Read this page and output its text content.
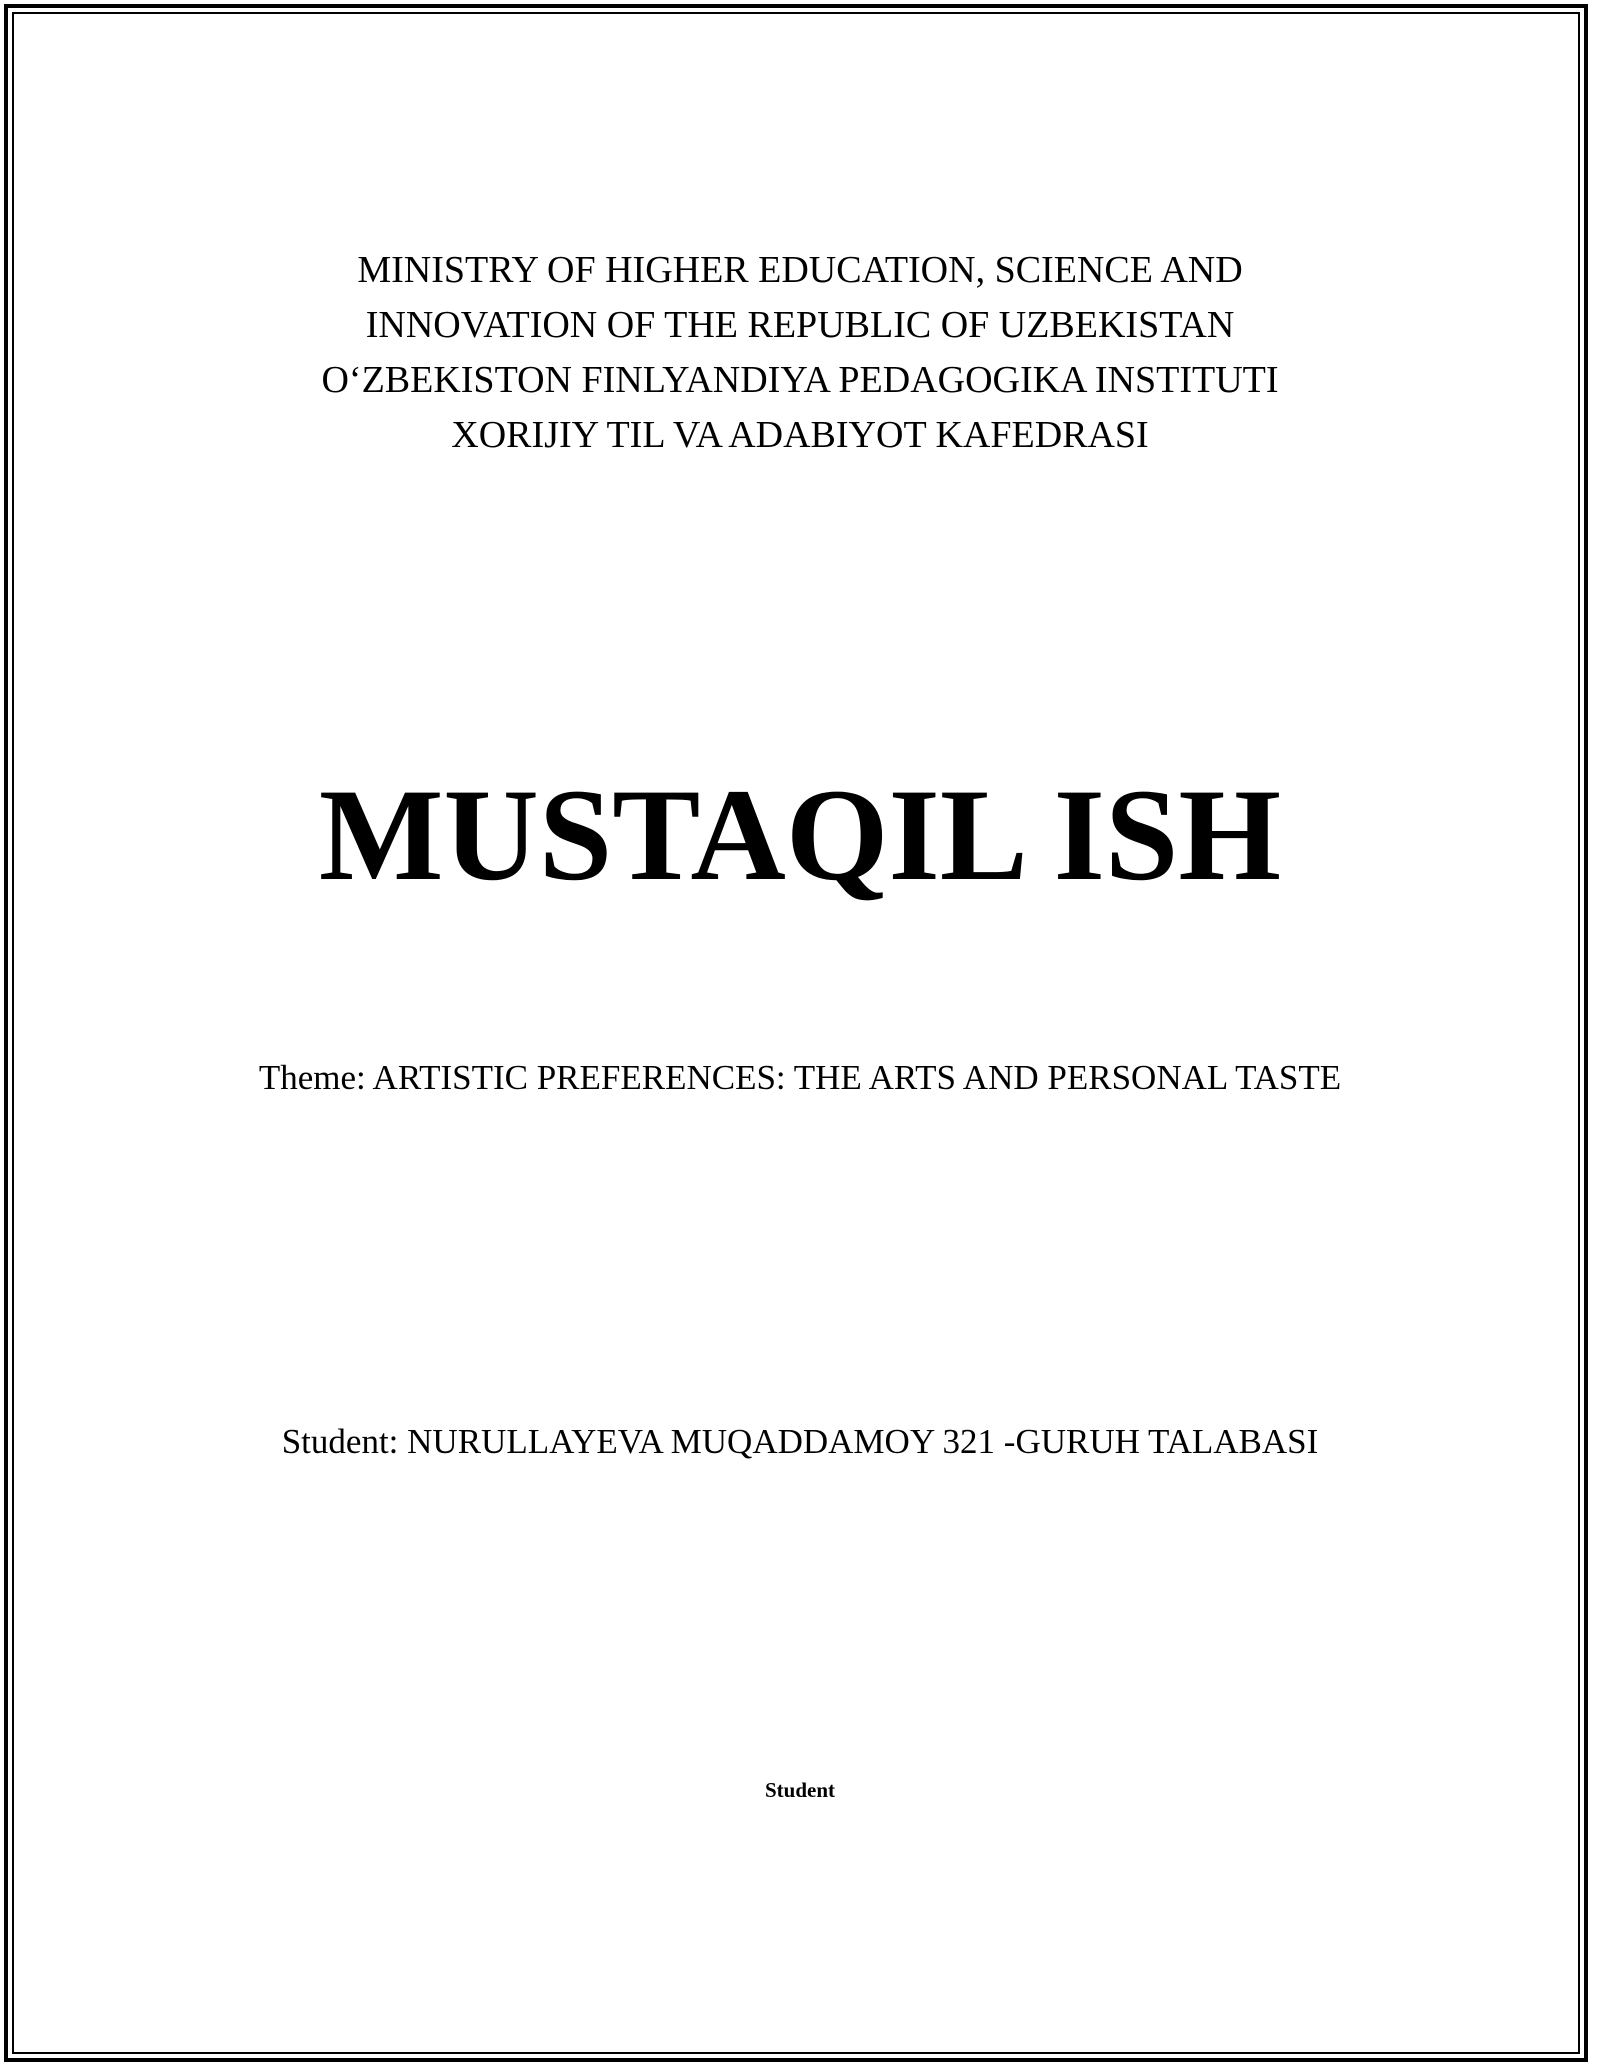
MINISTRY OF HIGHER EDUCATION, SCIENCE AND
INNOVATION OF THE REPUBLIC OF UZBEKISTAN
O‘ZBEKISTON FINLYANDIYA PEDAGOGIKA INSTITUTI
XORIJIY TIL VA ADABIYOT KAFEDRASI
MUSTAQIL ISH

Theme: ARTISTIC PREFERENCES: THE ARTS AND PERSONAL TASTE

Student: NURULLAYEVA MUQADDAMOY 321 -GURUH TALABASI

Student
